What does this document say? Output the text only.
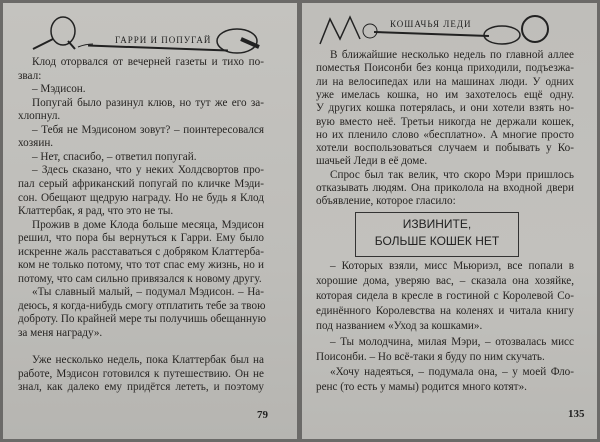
ГАРРИ И ПОПУГАЙ
Клод оторвался от вечерней газеты и тихо по-
звал:
– Мэдисон.
Попугай было разинул клюв, но тут же его за-
хлопнул.
– Тебя не Мэдисоном зовут? – поинтересовался
хозяин.
– Нет, спасибо, – ответил попугай.
– Здесь сказано, что у неких Холдсвортов про-
пал серый африканский попугай по кличке Мэди-
сон. Обещают щедрую награду. Но не будь я Клод
Клаттербак, я рад, что это не ты.
Прожив в доме Клода больше месяца, Мэдисон
решил, что пора бы вернуться к Гарри. Ему было
искренне жаль расставаться с добряком Клаттерба-
ком не только потому, что тот спас ему жизнь, но и
потому, что сам сильно привязался к новому другу.
«Ты славный малый, – подумал Мэдисон. – На-
деюсь, я когда-нибудь смогу отплатить тебе за твою
доброту. По крайней мере ты получишь обещанную
за меня награду».
Уже несколько недель, пока Клаттербак был на
работе, Мэдисон готовился к путешествию. Он не
знал, как далеко ему придётся лететь, и поэтому
79
КОШАЧЬЯ ЛЕДИ
В ближайшие несколько недель по главной аллее
поместья Поисонби без конца приходили, подъезжа-
ли на велосипедах или на машинах люди. У одних
уже имелась кошка, но им захотелось ещё одну.
У других кошка потерялась, и они хотели взять но-
вую вместо неё. Третьи никогда не держали кошек,
но их пленило слово «бесплатно». А многие просто
хотели воспользоваться случаем и побывать у Ко-
шачьей Леди в её доме.
Спрос был так велик, что скоро Мэри пришлось
отказывать людям. Она приколола на входной двери
объявление, которое гласило:
ИЗВИНИТЕ,
БОЛЬШЕ КОШЕК НЕТ
– Которых взяли, мисс Мьюриэл, все попали в
хорошие дома, уверяю вас, – сказала она хозяйке,
которая сидела в кресле в гостиной с Королевой Со-
единённого Королевства на коленях и читала книгу
под названием «Уход за кошками».
– Ты молодчина, милая Мэри, – отозвалась мисс
Поисонби. – Но всё-таки я буду по ним скучать.
«Хочу надеяться, – подумала она, – у моей Фло-
ренс (то есть у мамы) родится много котят».
135
